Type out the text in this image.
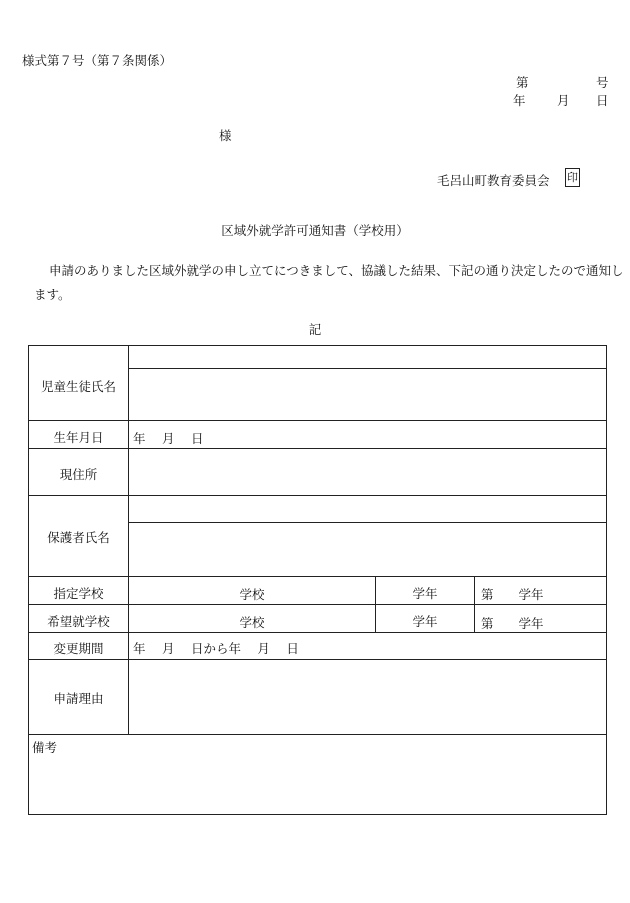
様式第７号（第７条関係）
第	号
年	月 日
様
毛呂山町教育委員会 印
区域外就学許可通知書（学校用）
申請のありました区域外就学の申し立てにつきまして、協議した結果、下記の通り決定したので通知します。
記
児童生徒氏名
生年月日	年　 月　 日
現住所
保護者氏名
指定学校	学校	学年	第　　学年
希望就学校	学校	学年	第　　学年
変更期間	年　 月　 日から年　 月　 日
申請理由
備考
